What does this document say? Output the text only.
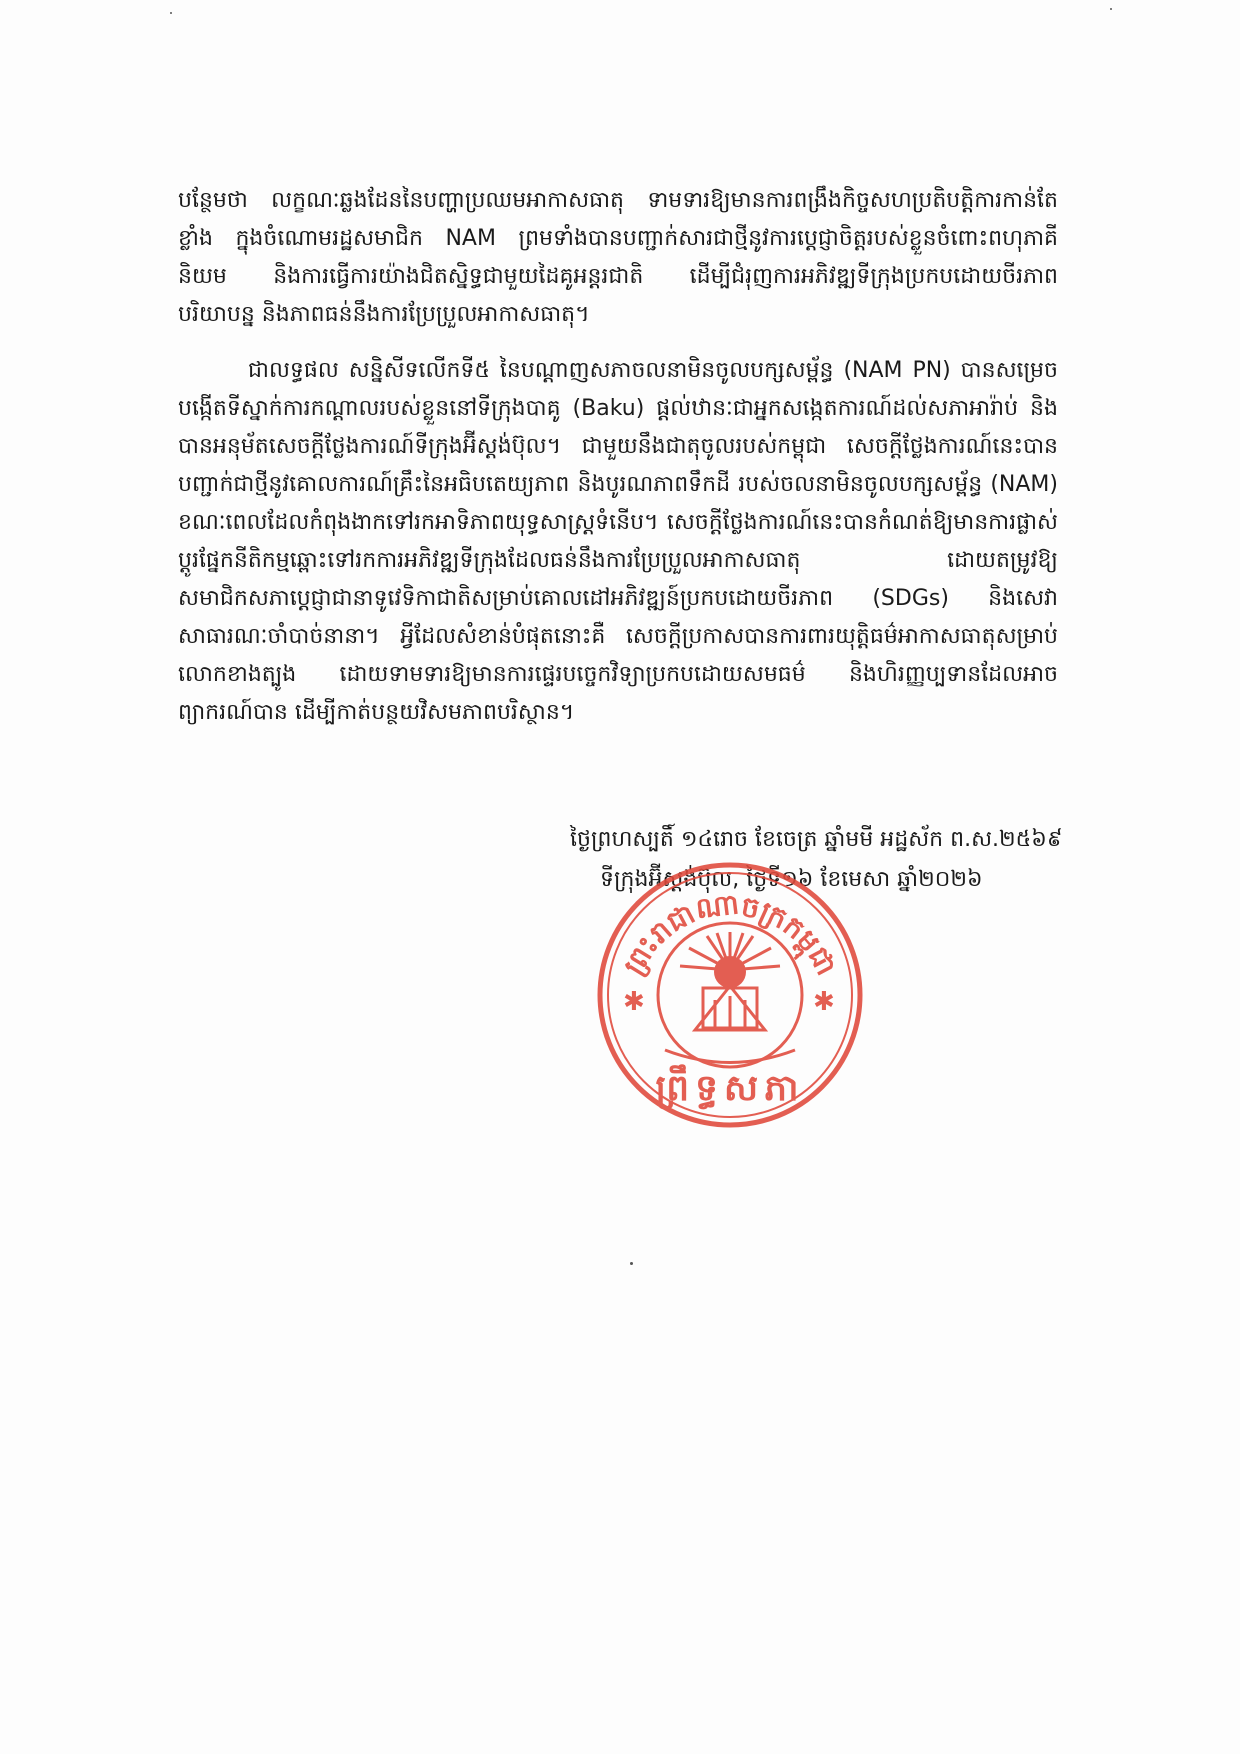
បន្ថែមថា លក្ខណៈឆ្លងដែននៃបញ្ហាប្រឈមអាកាសធាតុ ទាមទារឱ្យមានការពង្រឹងកិច្ចសហប្រតិបត្តិការកាន់តែខ្លាំង ក្នុងចំណោមរដ្ឋសមាជិក NAM ព្រមទាំងបានបញ្ជាក់សារជាថ្មីនូវការប្ដេជ្ញាចិត្តរបស់ខ្លួនចំពោះពហុភាគីនិយម និងការធ្វើការយ៉ាងជិតស្និទ្ធជាមួយដៃគូអន្តរជាតិ ដើម្បីជំរុញការអភិវឌ្ឍទីក្រុងប្រកបដោយចីរភាព បរិយាបន្ន និងភាពធន់នឹងការប្រែប្រួលអាកាសធាតុ។

ជាលទ្ធផល សន្និសីទលើកទី៥ នៃបណ្ដាញសភាចលនាមិនចូលបក្សសម្ព័ន្ធ (NAM PN) បានសម្រេចបង្កើតទីស្នាក់ការកណ្តាលរបស់ខ្លួននៅទីក្រុងបាគូ (Baku) ផ្ដល់ឋានៈជាអ្នកសង្កេតការណ៍ដល់សភាអារ៉ាប់ និងបានអនុម័តសេចក្តីថ្លែងការណ៍ទីក្រុងអ៊ីស្តង់ប៊ុល។ ជាមួយនឹងជាតុចូលរបស់កម្ពុជា សេចក្តីថ្លែងការណ៍នេះបានបញ្ជាក់ជាថ្មីនូវគោលការណ៍គ្រឹះនៃអធិបតេយ្យភាព និងបូរណភាពទឹកដី របស់ចលនាមិនចូលបក្សសម្ព័ន្ធ (NAM) ខណៈពេលដែលកំពុងងាកទៅរកអាទិភាពយុទ្ធសាស្ត្រទំនើប។ សេចក្តីថ្លែងការណ៍នេះបានកំណត់ឱ្យមានការផ្លាស់ប្ដូរផ្នែកនីតិកម្មឆ្ពោះទៅរកការអភិវឌ្ឍទីក្រុងដែលធន់នឹងការប្រែប្រួលអាកាសធាតុ ដោយតម្រូវឱ្យសមាជិកសភាប្ដេជ្ញាជានាទូវេទិកាជាតិសម្រាប់គោលដៅអភិវឌ្ឍន៍ប្រកបដោយចីរភាព (SDGs) និងសេវាសាធារណៈចាំបាច់នានា។ អ្វីដែលសំខាន់បំផុតនោះគឺ សេចក្តីប្រកាសបានការពារយុត្តិធម៌អាកាសធាតុសម្រាប់លោកខាងត្បូង ដោយទាមទារឱ្យមានការផ្ទេរបច្ចេកវិទ្យាប្រកបដោយសមធម៌ និងហិរញ្ញប្បទានដែលអាចព្យាករណ៍បាន ដើម្បីកាត់បន្ថយវិសមភាពបរិស្ថាន។

ថ្ងៃព្រហស្បតិ៍ ១៤រោច ខែចេត្រ ឆ្នាំមមី អដ្ឋស័ក ព.ស.២៥៦៩
ទីក្រុងអ៊ីស្តង់ប៊ុល, ថ្ងៃទី១៦ ខែមេសា ឆ្នាំ២០២៦
ព្រះរាជាណាចក្រកម្ពុជា
✱	✱
ព្រឹទ្ធសភា
